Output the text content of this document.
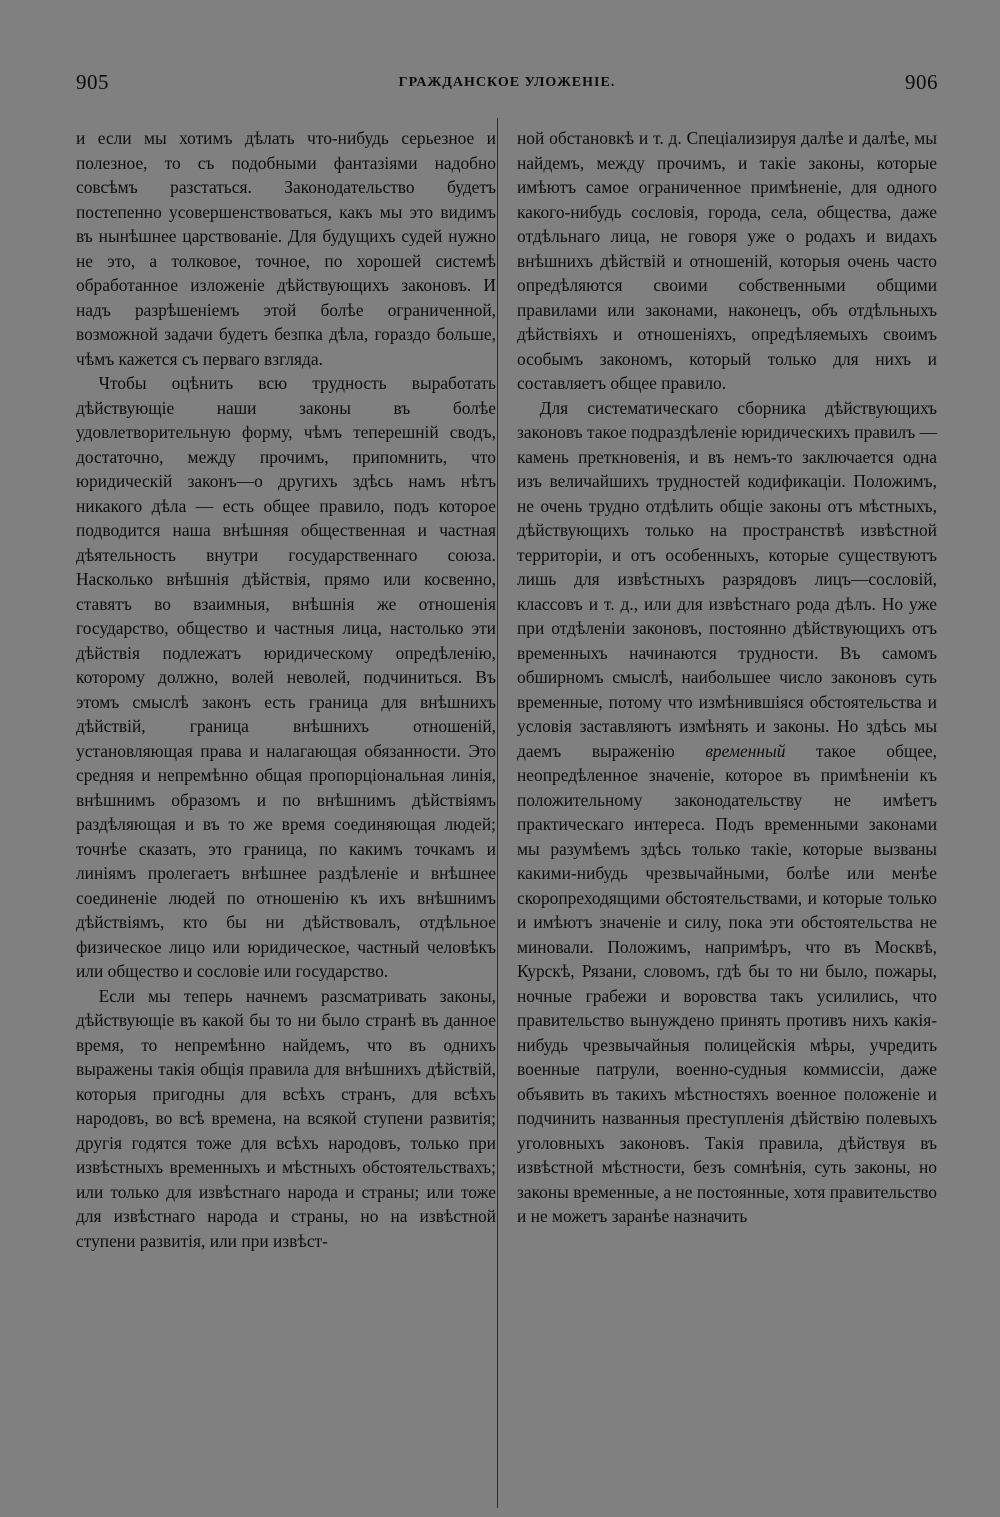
905	ГРАЖДАНСКОЕ УЛОЖЕНІЕ.	906

и если мы хотимъ дѣлать что-нибудь серьезное и полезное, то съ подобными фантазіями надобно совсѣмъ разстаться. Законодательство будетъ постепенно усовершенствоваться, какъ мы это видимъ въ нынѣшнее царствованіе. Для будущихъ судей нужно не это, а толковое, точное, по хорошей системѣ обработанное изложеніе дѣйствующихъ законовъ. И надъ разрѣшеніемъ этой болѣе ограниченной, возможной задачи будетъ безпка дѣла, гораздо больше, чѣмъ кажется съ перваго взгляда.

Чтобы оцѣнить всю трудность выработать дѣйствующіе наши законы въ болѣе удовлетворительную форму, чѣмъ теперешній сводъ, достаточно, между прочимъ, припомнить, что юридическій законъ—о другихъ здѣсь намъ нѣтъ никакого дѣла — есть общее правило, подъ которое подводится наша внѣшняя общественная и частная дѣятельность внутри государственнаго союза. Насколько внѣшнія дѣйствія, прямо или косвенно, ставятъ во взаимныя, внѣшнія же отношенія государство, общество и частныя лица, настолько эти дѣйствія подлежатъ юридическому опредѣленію, которому должно, волей неволей, подчиниться. Въ этомъ смыслѣ законъ есть граница для внѣшнихъ дѣйствій, граница внѣшнихъ отношеній, установляющая права и налагающая обязанности. Это средняя и непремѣнно общая пропорціональная линія, внѣшнимъ образомъ и по внѣшнимъ дѣйствіямъ раздѣляющая и въ то же время соединяющая людей; точнѣе сказать, это граница, по какимъ точкамъ и линіямъ пролегаетъ внѣшнее раздѣленіе и внѣшнее соединеніе людей по отношенію къ ихъ внѣшнимъ дѣйствіямъ, кто бы ни дѣйствовалъ, отдѣльное физическое лицо или юридическое, частный человѣкъ или общество и сословіе или государство.

Если мы теперь начнемъ разсматривать законы, дѣйствующіе въ какой бы то ни было странѣ въ данное время, то непремѣнно найдемъ, что въ однихъ выражены такія общія правила для внѣшнихъ дѣйствій, которыя пригодны для всѣхъ странъ, для всѣхъ народовъ, во всѣ времена, на всякой ступени развитія; другія годятся тоже для всѣхъ народовъ, только при извѣстныхъ временныхъ и мѣстныхъ обстоятельствахъ; или только для извѣстнаго народа и страны; или тоже для извѣстнаго народа и страны, но на извѣстной ступени развитія, или при извѣст-

ной обстановкѣ и т. д. Спеціализируя далѣе и далѣе, мы найдемъ, между прочимъ, и такіе законы, которые имѣютъ самое ограниченное примѣненіе, для одного какого-нибудь сословія, города, села, общества, даже отдѣльнаго лица, не говоря уже о родахъ и видахъ внѣшнихъ дѣйствій и отношеній, которыя очень часто опредѣляются своими собственными общими правилами или законами, наконецъ, объ отдѣльныхъ дѣйствіяхъ и отношеніяхъ, опредѣляемыхъ своимъ особымъ закономъ, который только для нихъ и составляетъ общее правило.

Для систематическаго сборника дѣйствующихъ законовъ такое подраздѣленіе юридическихъ правилъ — камень преткновенія, и въ немъ-то заключается одна изъ величайшихъ трудностей кодификаціи. Положимъ, не очень трудно отдѣлить общіе законы отъ мѣстныхъ, дѣйствующихъ только на пространствѣ извѣстной территоріи, и отъ особенныхъ, которые существуютъ лишь для извѣстныхъ разрядовъ лицъ—сословій, классовъ и т. д., или для извѣстнаго рода дѣлъ. Но уже при отдѣленіи законовъ, постоянно дѣйствующихъ отъ временныхъ начинаются трудности. Въ самомъ обширномъ смыслѣ, наибольшее число законовъ суть временные, потому что измѣнившіяся обстоятельства и условія заставляютъ измѣнять и законы. Но здѣсь мы даемъ выраженію временный такое общее, неопредѣленное значеніе, которое въ примѣненіи къ положительному законодательству не имѣетъ практическаго интереса. Подъ временными законами мы разумѣемъ здѣсь только такіе, которые вызваны какими-нибудь чрезвычайными, болѣе или менѣе скоропреходящими обстоятельствами, и которые только и имѣютъ значеніе и силу, пока эти обстоятельства не миновали. Положимъ, напримѣръ, что въ Москвѣ, Курскѣ, Рязани, словомъ, гдѣ бы то ни было, пожары, ночные грабежи и воровства такъ усилились, что правительство вынуждено принять противъ нихъ какія-нибудь чрезвычайныя полицейскія мѣры, учредить военные патрули, военно-судныя коммиссіи, даже объявить въ такихъ мѣстностяхъ военное положеніе и подчинить названныя преступленія дѣйствію полевыхъ уголовныхъ законовъ. Такія правила, дѣйствуя въ извѣстной мѣстности, безъ сомнѣнія, суть законы, но законы временные, а не постоянные, хотя правительство и не можетъ заранѣе назначить
